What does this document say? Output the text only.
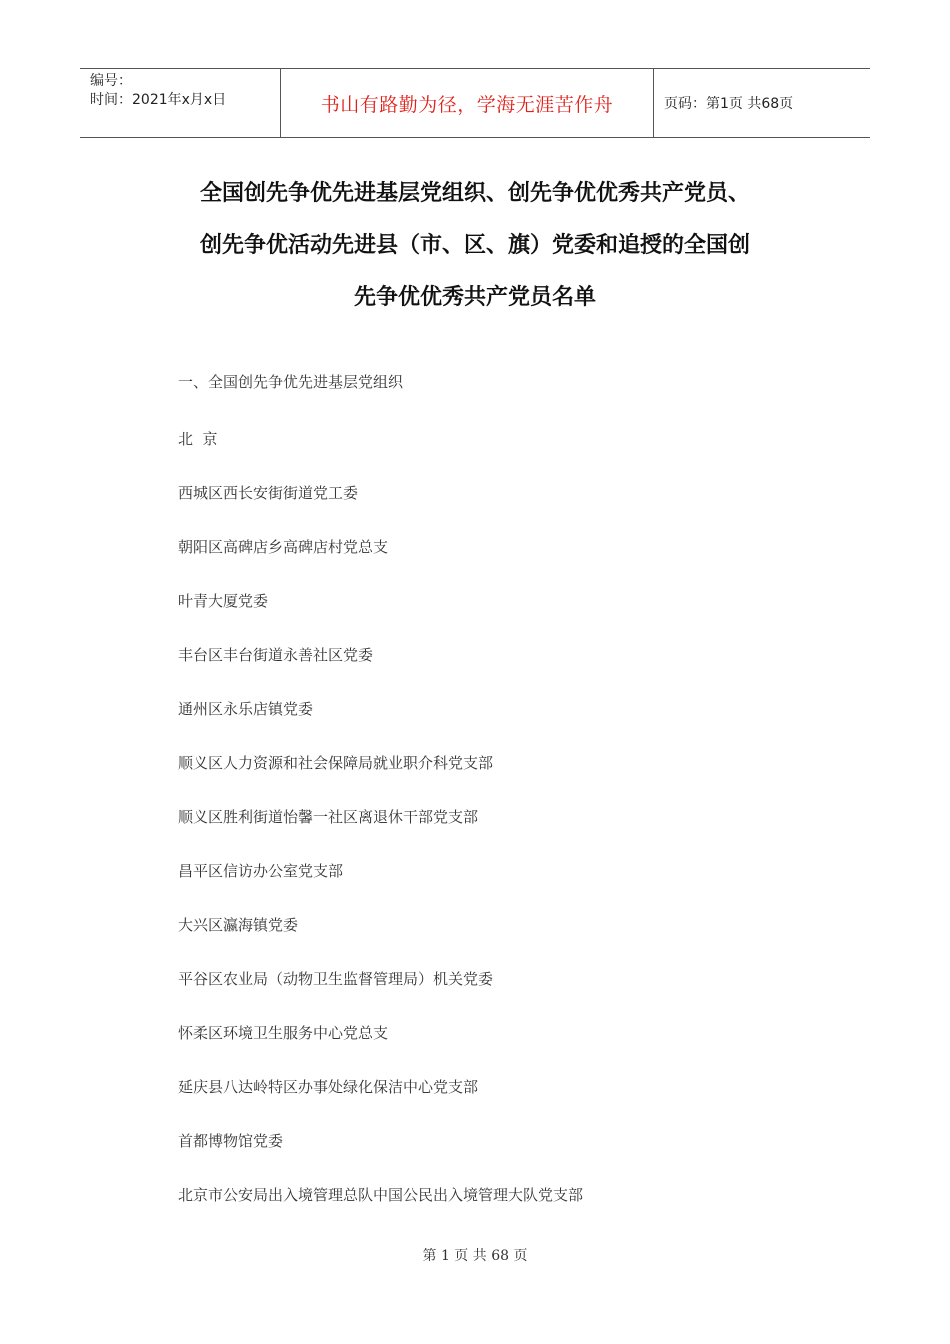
编号：
时间：2021年x月x日	书山有路勤为径，学海无涯苦作舟	页码：第1页 共68页
全国创先争优先进基层党组织、创先争优优秀共产党员、
创先争优活动先进县（市、区、旗）党委和追授的全国创
先争优优秀共产党员名单
一、全国创先争优先进基层党组织
北  京
西城区西长安街街道党工委
朝阳区高碑店乡高碑店村党总支
叶青大厦党委
丰台区丰台街道永善社区党委
通州区永乐店镇党委
顺义区人力资源和社会保障局就业职介科党支部
顺义区胜利街道怡馨一社区离退休干部党支部
昌平区信访办公室党支部
大兴区瀛海镇党委
平谷区农业局（动物卫生监督管理局）机关党委
怀柔区环境卫生服务中心党总支
延庆县八达岭特区办事处绿化保洁中心党支部
首都博物馆党委
北京市公安局出入境管理总队中国公民出入境管理大队党支部
第 1 页 共 68 页
